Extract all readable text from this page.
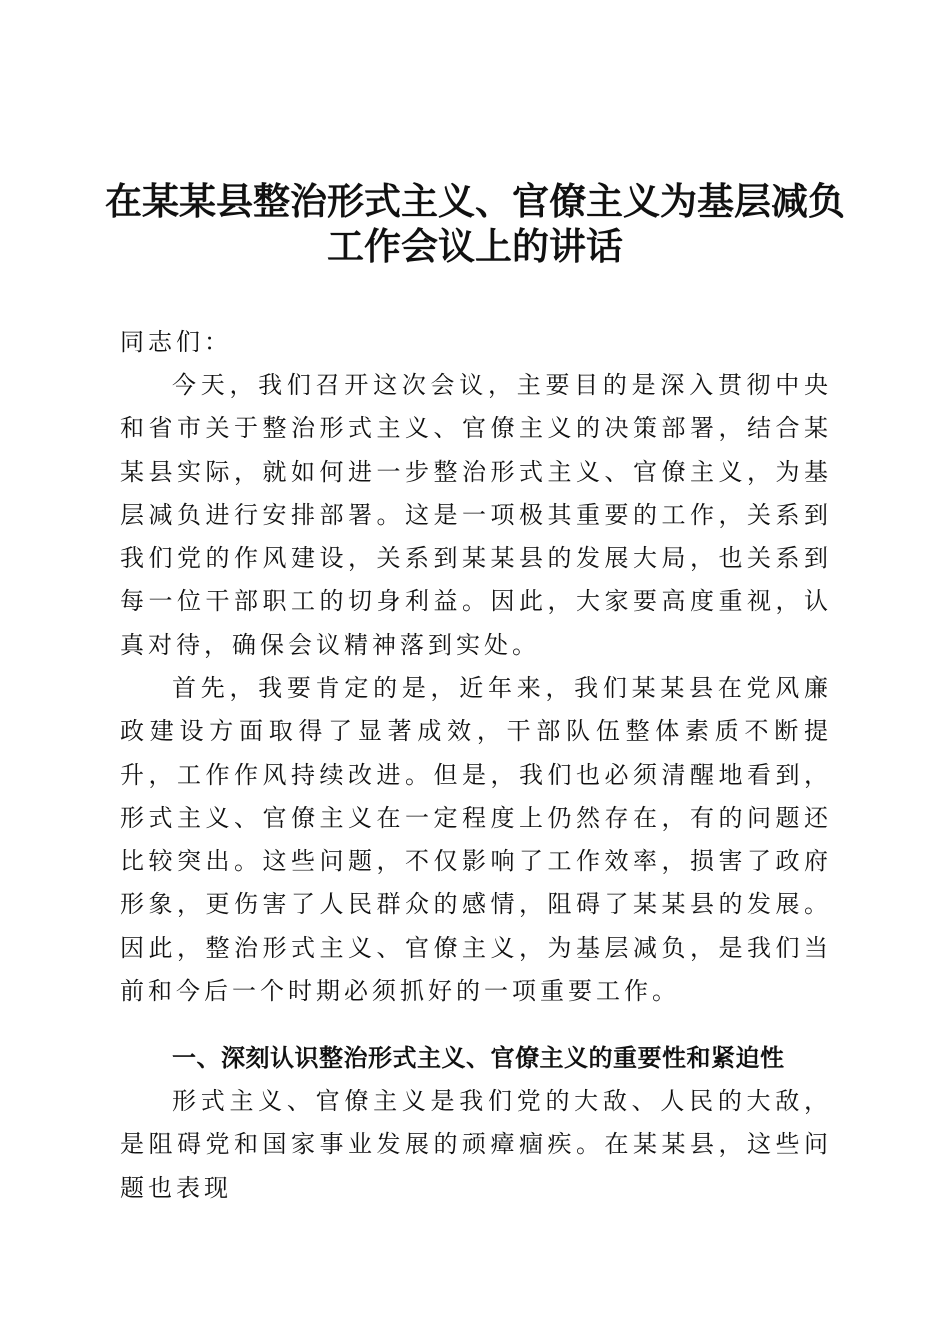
在某某县整治形式主义、官僚主义为基层减负
工作会议上的讲话

同志们：

今天，我们召开这次会议，主要目的是深入贯彻中央和省市关于整治形式主义、官僚主义的决策部署，结合某某县实际，就如何进一步整治形式主义、官僚主义，为基层减负进行安排部署。这是一项极其重要的工作，关系到我们党的作风建设，关系到某某县的发展大局，也关系到每一位干部职工的切身利益。因此，大家要高度重视，认真对待，确保会议精神落到实处。

首先，我要肯定的是，近年来，我们某某县在党风廉政建设方面取得了显著成效，干部队伍整体素质不断提升，工作作风持续改进。但是，我们也必须清醒地看到，形式主义、官僚主义在一定程度上仍然存在，有的问题还比较突出。这些问题，不仅影响了工作效率，损害了政府形象，更伤害了人民群众的感情，阻碍了某某县的发展。因此，整治形式主义、官僚主义，为基层减负，是我们当前和今后一个时期必须抓好的一项重要工作。

一、深刻认识整治形式主义、官僚主义的重要性和紧迫性

形式主义、官僚主义是我们党的大敌、人民的大敌，是阻碍党和国家事业发展的顽瘴痼疾。在某某县，这些问题也表现
